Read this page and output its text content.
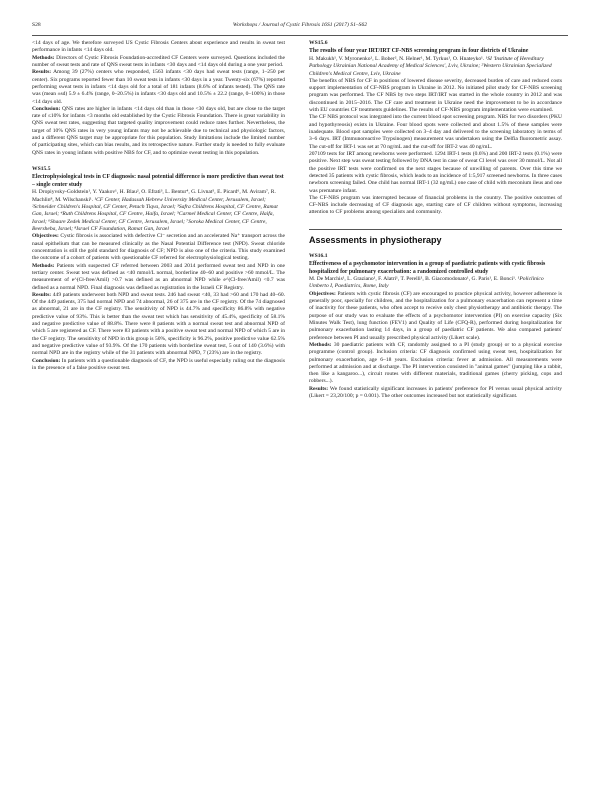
S28	Workshops / Journal of Cystic Fibrosis 16S1 (2017) S1–S62

<14 days of age. We therefore surveyed US Cystic Fibrosis Centers about experience and results in sweat test performance in infants <14 days old.

Methods: Directors of Cystic Fibrosis Foundation-accredited CF Centers were surveyed. Questions included the number of sweat tests and rate of QNS sweat tests in infants <30 days and <14 days old during a one year period.

Results: Among 39 (27%) centers who responded, 1563 infants <30 days had sweat tests (range, 1–250 per center). Six programs reported fewer than 10 sweat tests in infants <30 days in a year. Twenty-six (67%) reported performing sweat tests in infants <14 days old for a total of 181 infants (8.6% of infants tested). The QNS rate was (mean ±sd) 5.9 ± 6.4% (range, 0–20.5%) in infants <30 days old and 10.5% ± 22.2 (range, 0–100%) in those <14 days old.

Conclusion: QNS rates are higher in infants <14 days old than in those <30 days old, but are close to the target rate of ≤10% for infants <3 months old established by the Cystic Fibrosis Foundation. There is great variability in QNS sweat test rates, suggesting that targeted quality improvement could reduce rates further. Nevertheless, the target of 10% QNS rates in very young infants may not be achievable due to technical and physiologic factors, and a different QNS target may be appropriate for this population. Study limitations include the limited number of participating sites, which can bias results, and its retrospective nature. Further study is needed to fully evaluate QNS rates in young infants with positive NBS for CF, and to optimize sweat testing in this population.

WS15.5

Electrophysiological tests in CF diagnosis: nasal potential difference is more predictive than sweat test – single center study

H. Dropiyvsky-Goldstein¹, Y. Yaakov¹, H. Blau², O. Efrati³, L. Bentur⁴, G. Livnat⁵, E. Picard⁶, M. Aviram⁷, R. Machlin⁸, M. Wilschanski¹. ¹CF Center, Hadassah Hebrew University Medical Center, Jerusalem, Israel; ²Schneider Children's Hospital, CF Center, Petach Tiqva, Israel; ³Safra Childrens Hospital, CF Centre, Ramat Gan, Israel; ⁴Ruth Childrens Hospital, CF Centre, Haifa, Israel; ⁵Carmel Medical Center, CF Centre, Haifa, Israel; ⁶Shaare Zedek Medical Center, CF Centre, Jerusalem, Israel; ⁷Soroka Medical Center, CF Centre, Beersheba, Israel; ⁸Israel CF Foundation, Ramat Gan, Israel

Objectives: Cystic fibrosis is associated with defective Cl⁻ secretion and an accelerated Na⁺ transport across the nasal epithelium that can be measured clinically as the Nasal Potential Difference test (NPD). Sweat chloride concentration is still the gold standard for diagnosis of CF; NPD is also one of the criteria. This study examined the outcome of a cohort of patients with questionable CF referred for electrophysiological testing.

Methods: Patients with suspected CF referred between 2003 and 2014 performed sweat test and NPD in one tertiary center. Sweat test was defined as <40 mmol/L normal, borderline 40–60 and positive >60 mmol/L. The measurement of e^(Cl-free/Amil) >0.7 was defined as an abnormal NPD while e^(Cl-free/Amil) <0.7 was defined as a normal NPD. Final diagnosis was defined as registration in the Israeli CF Registry.

Results: 449 patients underwent both NPD and sweat tests. 246 had sweat <40, 33 had >60 and 170 had 40–60. Of the 449 patients, 375 had normal NPD and 74 abnormal, 26 of 375 are in the CF registry. Of the 74 diagnosed as abnormal, 21 are in the CF registry. The sensitivity of NPD is 44.7% and specificity 86.8% with negative predictive value of 93%. This is better than the sweat test which has sensitivity of 45.4%, specificity of 58.1% and negative predictive value of 88.8%. There were 8 patients with a normal sweat test and abnormal NPD of which 5 are registered as CF. There were 83 patients with a positive sweat test and normal NPD of which 5 are in the CF registry. The sensitivity of NPD in this group is 50%, specificity is 96.2%, positive predictive value 62.5% and negative predictive value of 93.9%. Of the 170 patients with borderline sweat test, 5 out of 140 (3.6%) with normal NPD are in the registry while of the 31 patients with abnormal NPD, 7 (23%) are in the registry.

Conclusion: In patients with a questionable diagnosis of CF, the NPD is useful especially ruling out the diagnosis in the presence of a false positive sweat test.

WS15.6

The results of four year IRT/IRT CF-NBS screening program in four districts of Ukraine

H. Makukh¹, V. Myronenko¹, L. Bober², N. Helner¹, M. Tyrkus¹, O. Hnateyko¹. ¹SI 'Institute of Hereditary Pathology Ukrainian National Academy of Medical Sciences', Lviv, Ukraine; ²Western Ukrainian Specialized Children's Medical Centre, Lviv, Ukraine

The benefits of NBS for CF in positions of lowered disease severity, decreased burden of care and reduced costs support implementation of CF-NBS program in Ukraine in 2012. No initiated pilot study for CF-NBS screening program was performed. The CF NBS by two steps IRT/IRT was started in the whole country in 2012 and was discontinued in 2015–2016. The CF care and treatment in Ukraine need the improvement to be in accordance with EU countries CF treatments guidelines. The results of CF-NBS program implementation were examined.

The CF NBS protocol was integrated into the current blood spot screening program. NBS for two disorders (PKU and hypothyreosis) exists in Ukraine. Four blood spots were collected and about 1.5% of these samples were inadequate. Blood spot samples were collected on 3–4 day and delivered to the screening laboratory in terms of 3–6 days. IRT (Immunoreactive Trypsinogen) measurement was undertaken using the Delfia fluorometric assay. The cut-off for IRT-1 was set at 70 ng/mL and the cut-off for IRT-2 was 40 ng/mL.

207109 tests for IRT among newborns were performed. 1294 IRT-1 tests (0.6%) and 200 IRT-2 tests (0.1%) were positive. Next step was sweat testing followed by DNA test in case of sweat Cl level was over 30 mmol/L. Not all the positive IRT tests were confirmed on the next stages because of unwilling of parents. Over this time we detected 35 patients with cystic fibrosis, which leads to an incidence of 1:5,917 screened newborns. In three cases newborn screening failed. One child has normal IRT-1 (32 ng/mL) one case of child with meconium ileus and one was premature infant.

The CF-NBS program was interrupted because of financial problems in the country. The positive outcomes of CF-NBS include decreasing of CF diagnosis age, starting care of CF children without symptoms, increasing attention to CF problems among specialists and community.

Assessments in physiotherapy
WS16.1

Effectiveness of a psychomotor intervention in a group of paediatric patients with cystic fibrosis hospitalized for pulmonary exacerbation: a randomized controlled study

M. De Marchis¹, L. Graziano¹, F. Alatri¹, T. Perelli¹, B. Giacomodonato¹, G. Paris¹, E. Bonci¹. ¹Policlinico Umberto I, Paediatrics, Rome, Italy

Objectives: Patients with cystic fibrosis (CF) are encouraged to practice physical activity, however adherence is generally poor, specially for children, and the hospitalization for a pulmonary exacerbation can represent a time of inactivity for these patients, who often accept to receive only chest physiotherapy and antibiotic therapy. The purpose of our study was to evaluate the effects of a psychomotor intervention (PI) on exercise capacity (Six Minutes Walk Test), lung function (FEV1) and Quality of Life (CFQ-R), performed during hospitalization for pulmonary exacerbation lasting 14 days, in a group of paediatric CF patients. We also compared patients' preference between PI and usually prescribed physical activity (Likert scale).

Methods: 30 paediatric patients with CF, randomly assigned to a PI (study group) or to a physical exercise programme (control group). Inclusion criteria: CF diagnosis confirmed using sweat test, hospitalization for pulmonary exacerbation, age 6–18 years. Exclusion criteria: fever at admission. All measurements were performed at admission and at discharge. The PI intervention consisted in "animal games" (jumping like a rabbit, then like a kangaroo...), circuit routes with different materials, traditional games (cherry picking, cops and robbers...).

Results: We found statistically significant increases in patients' preference for PI versus usual physical activity (Likert = 23,20/100; p = 0.001). The other outcomes increased but not statistically significant.
